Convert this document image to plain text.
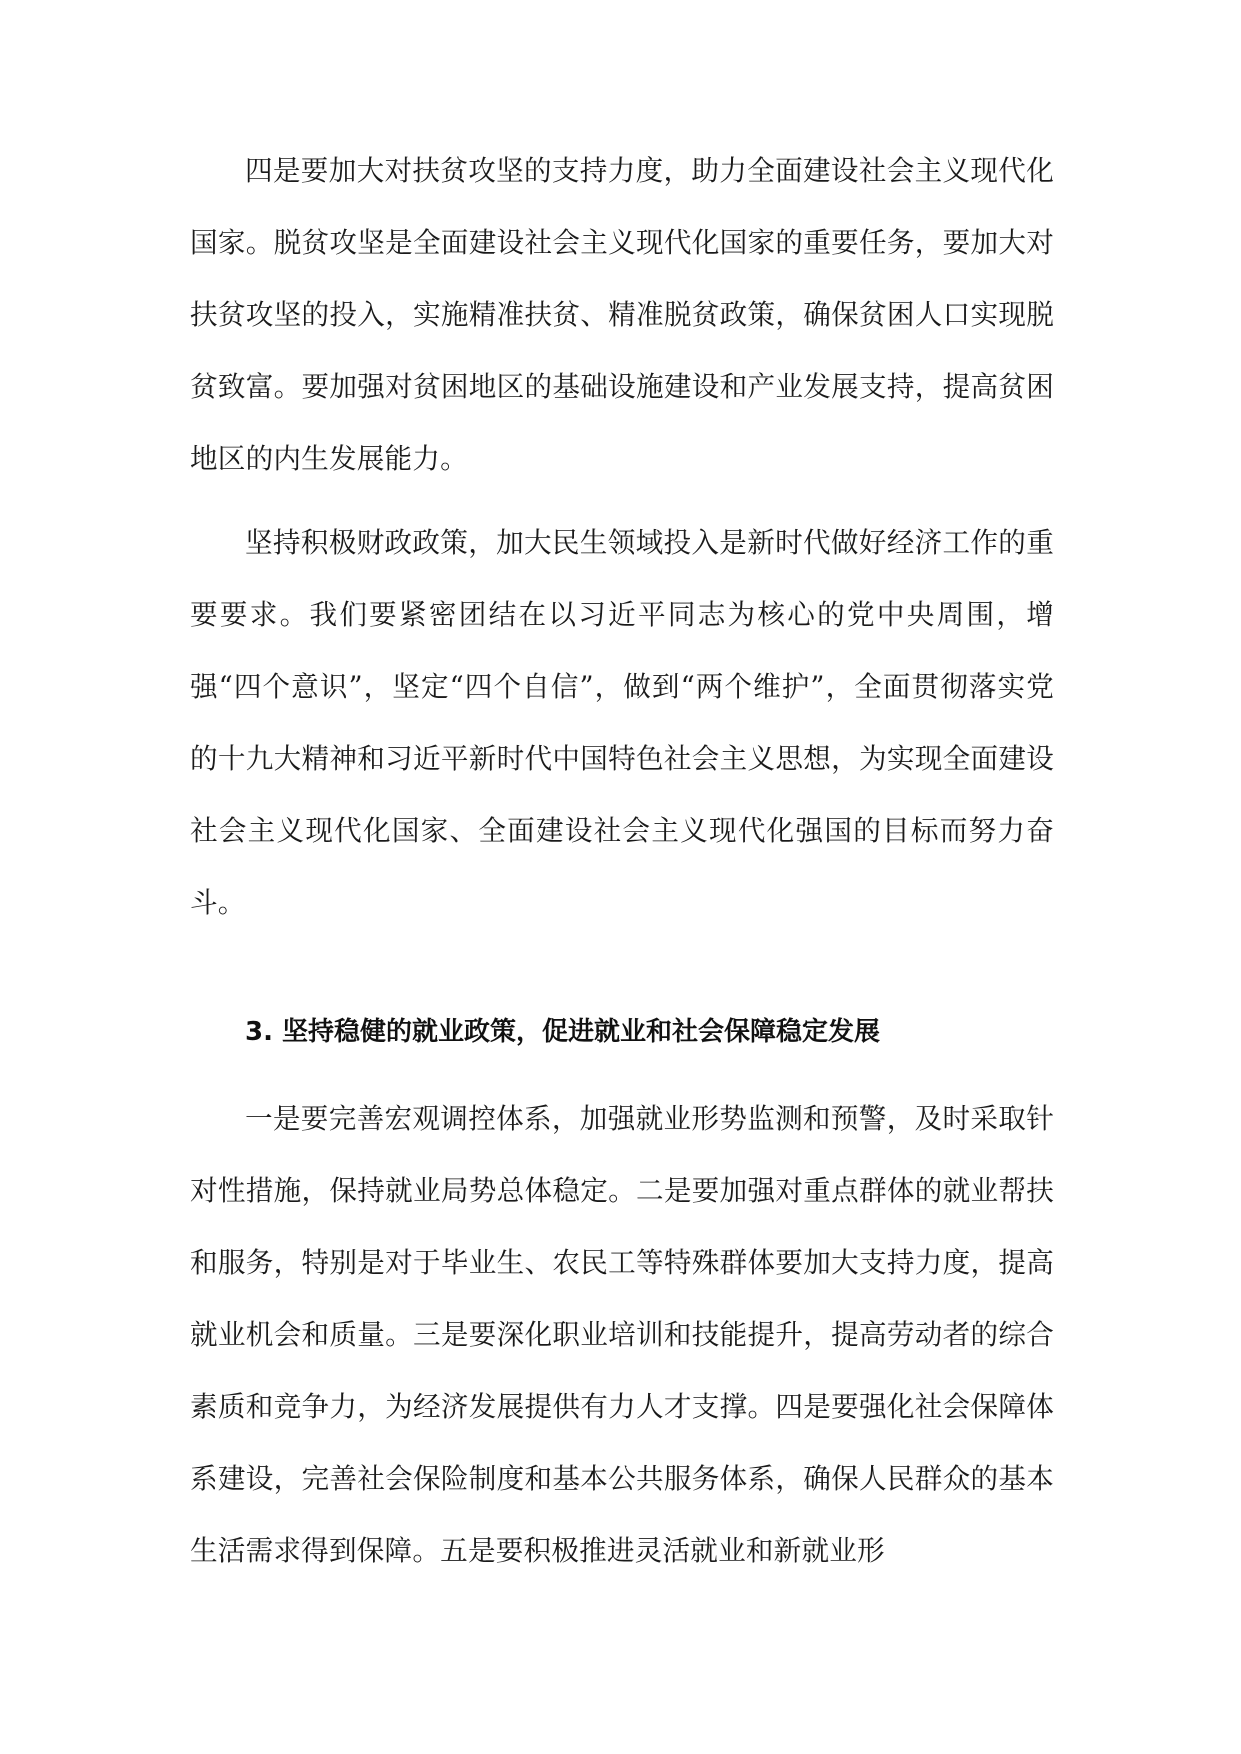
四是要加大对扶贫攻坚的支持力度，助力全面建设社会主义现代化国家。脱贫攻坚是全面建设社会主义现代化国家的重要任务，要加大对扶贫攻坚的投入，实施精准扶贫、精准脱贫政策，确保贫困人口实现脱贫致富。要加强对贫困地区的基础设施建设和产业发展支持，提高贫困地区的内生发展能力。

坚持积极财政政策，加大民生领域投入是新时代做好经济工作的重要要求。我们要紧密团结在以习近平同志为核心的党中央周围，增强“四个意识”，坚定“四个自信”，做到“两个维护”，全面贯彻落实党的十九大精神和习近平新时代中国特色社会主义思想，为实现全面建设社会主义现代化国家、全面建设社会主义现代化强国的目标而努力奋斗。

3. 坚持稳健的就业政策，促进就业和社会保障稳定发展

一是要完善宏观调控体系，加强就业形势监测和预警，及时采取针对性措施，保持就业局势总体稳定。二是要加强对重点群体的就业帮扶和服务，特别是对于毕业生、农民工等特殊群体要加大支持力度，提高就业机会和质量。三是要深化职业培训和技能提升，提高劳动者的综合素质和竞争力，为经济发展提供有力人才支撑。四是要强化社会保障体系建设，完善社会保险制度和基本公共服务体系，确保人民群众的基本生活需求得到保障。五是要积极推进灵活就业和新就业形
